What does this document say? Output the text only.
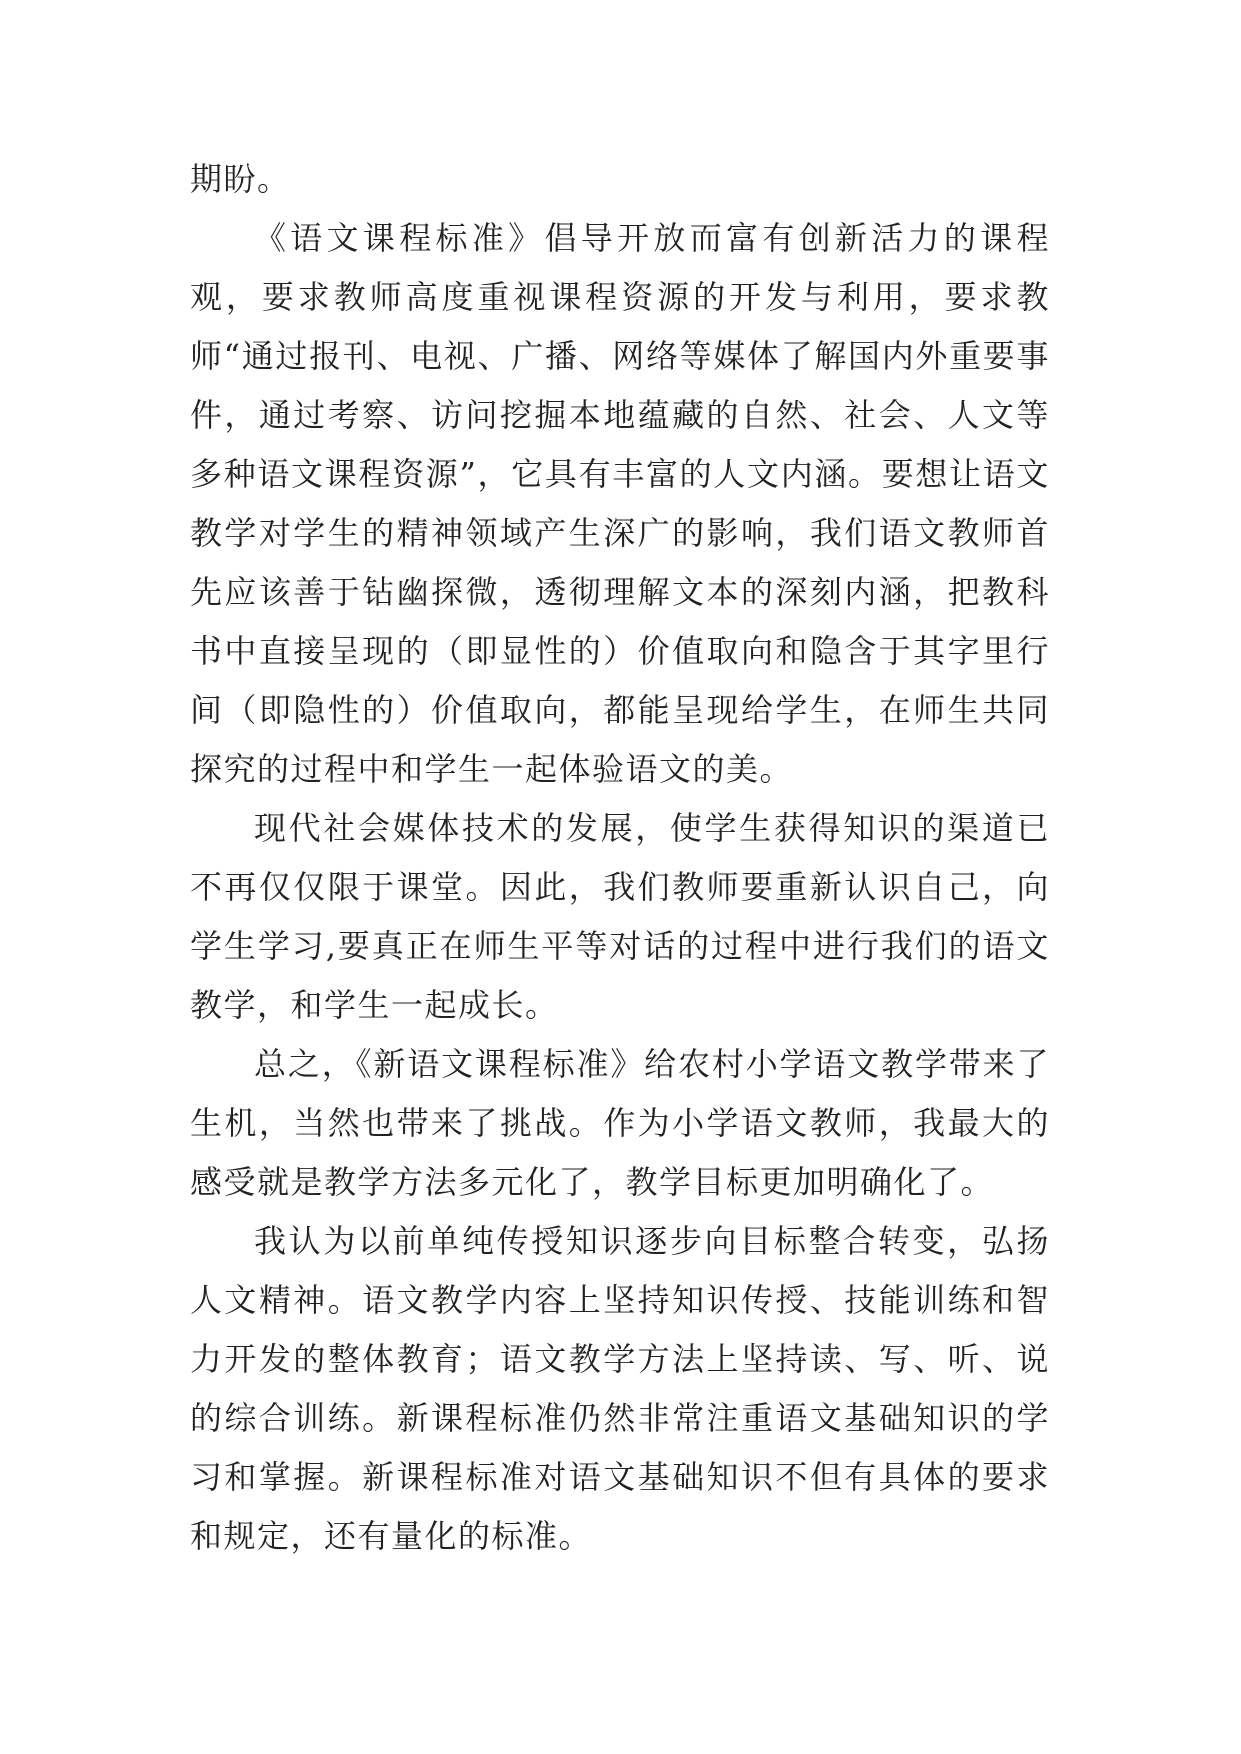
期盼。

《语文课程标准》倡导开放而富有创新活力的课程观，要求教师高度重视课程资源的开发与利用，要求教师“通过报刊、电视、广播、网络等媒体了解国内外重要事件，通过考察、访问挖掘本地蕴藏的自然、社会、人文等多种语文课程资源”，它具有丰富的人文内涵。要想让语文教学对学生的精神领域产生深广的影响，我们语文教师首先应该善于钻幽探微，透彻理解文本的深刻内涵，把教科书中直接呈现的（即显性的）价值取向和隐含于其字里行间（即隐性的）价值取向，都能呈现给学生，在师生共同探究的过程中和学生一起体验语文的美。

现代社会媒体技术的发展，使学生获得知识的渠道已不再仅仅限于课堂。因此，我们教师要重新认识自己，向学生学习,要真正在师生平等对话的过程中进行我们的语文教学，和学生一起成长。

总之，《新语文课程标准》给农村小学语文教学带来了生机，当然也带来了挑战。作为小学语文教师，我最大的感受就是教学方法多元化了，教学目标更加明确化了。

我认为以前单纯传授知识逐步向目标整合转变，弘扬人文精神。语文教学内容上坚持知识传授、技能训练和智力开发的整体教育；语文教学方法上坚持读、写、听、说的综合训练。新课程标准仍然非常注重语文基础知识的学习和掌握。新课程标准对语文基础知识不但有具体的要求和规定，还有量化的标准。
